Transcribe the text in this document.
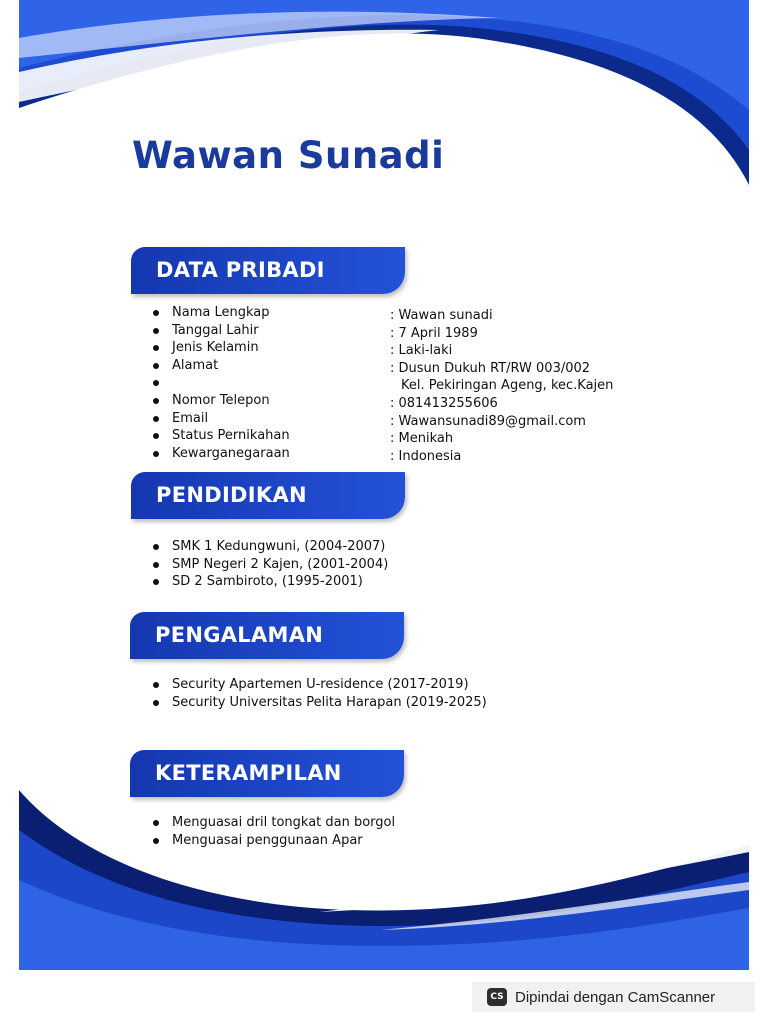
Wawan Sunadi
DATA PRIBADI
Nama Lengkap
Tanggal Lahir
Jenis Kelamin
Alamat
Nomor Telepon
Email
Status Pernikahan
Kewarganegaraan
: Wawan sunadi
: 7 April 1989
: Laki-laki
: Dusun Dukuh RT/RW 003/002
Kel. Pekiringan Ageng, kec.Kajen
: 081413255606
: Wawansunadi89@gmail.com
: Menikah
: Indonesia
PENDIDIKAN
SMK 1 Kedungwuni, (2004-2007)
SMP Negeri 2 Kajen, (2001-2004)
SD 2 Sambiroto, (1995-2001)
PENGALAMAN
Security Apartemen U-residence (2017-2019)
Security Universitas Pelita Harapan (2019-2025)
KETERAMPILAN
Menguasai dril tongkat dan borgol
Menguasai penggunaan Apar
CS Dipindai dengan CamScanner
